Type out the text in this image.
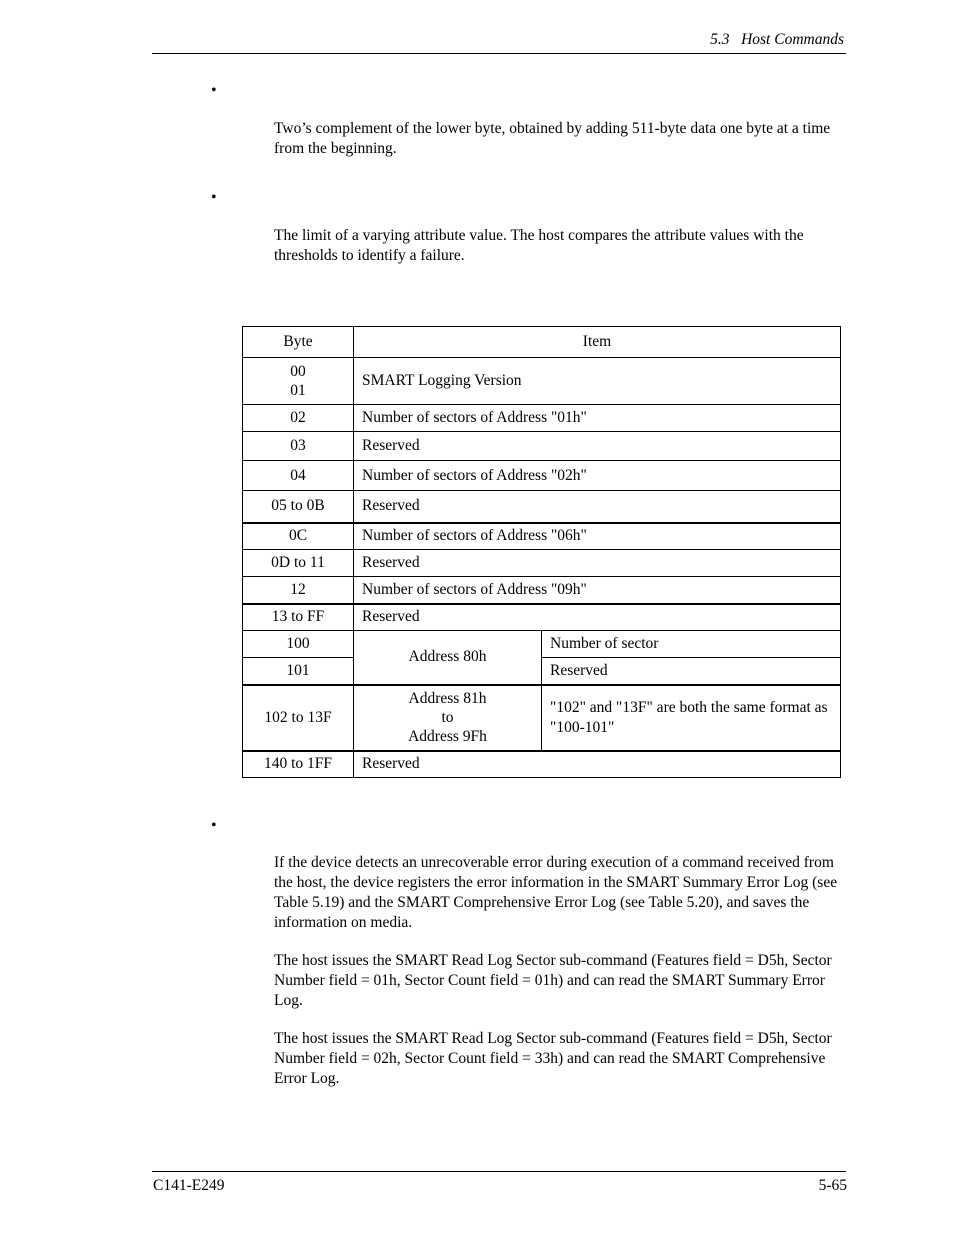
5.3   Host Commands
•
Two’s complement of the lower byte, obtained by adding 511-byte data one byte at a time from the beginning.
•
The limit of a varying attribute value. The host compares the attribute values with the thresholds to identify a failure.
Byte	Item	

00
01	SMART Logging Version	
02	Number of sectors of Address "01h"	
03	Reserved	
04	Number of sectors of Address "02h"	
05 to 0B	Reserved	
0C	Number of sectors of Address "06h"	
0D to 11	Reserved	
12	Number of sectors of Address "09h"	
13 to FF	Reserved	
100	Address 80h	Number of sector
101		Reserved
102 to 13F	Address 81h
to
Address 9Fh	"102" and "13F" are both the same format as "100-101"
140 to 1FF	Reserved	
•
If the device detects an unrecoverable error during execution of a command received from the host, the device registers the error information in the SMART Summary Error Log (see Table 5.19) and the SMART Comprehensive Error Log (see Table 5.20), and saves the information on media.
The host issues the SMART Read Log Sector sub-command (Features field = D5h, Sector Number field = 01h, Sector Count field = 01h) and can read the SMART Summary Error Log.
The host issues the SMART Read Log Sector sub-command (Features field = D5h, Sector Number field = 02h, Sector Count field = 33h) and can read the SMART Comprehensive Error Log.
C141-E249	5-65
